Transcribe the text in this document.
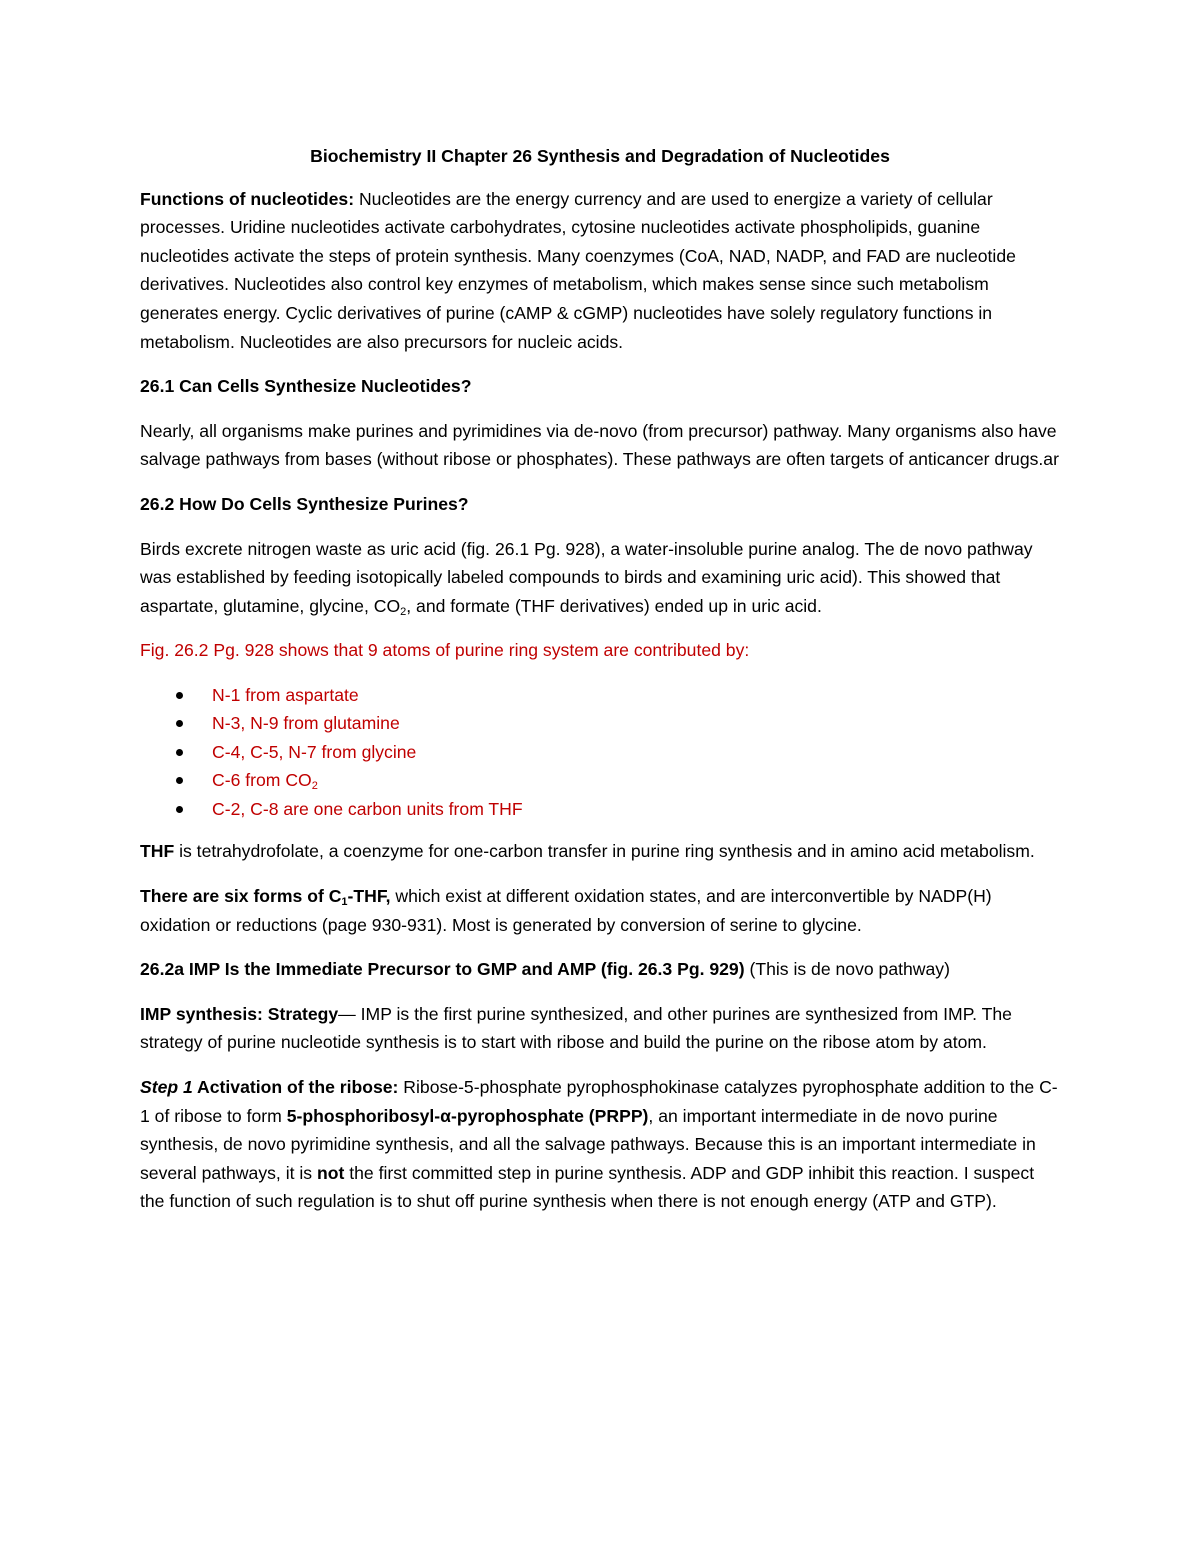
Biochemistry II Chapter 26 Synthesis and Degradation of Nucleotides

Functions of nucleotides: Nucleotides are the energy currency and are used to energize a variety of cellular processes. Uridine nucleotides activate carbohydrates, cytosine nucleotides activate phospholipids, guanine nucleotides activate the steps of protein synthesis. Many coenzymes (CoA, NAD, NADP, and FAD are nucleotide derivatives. Nucleotides also control key enzymes of metabolism, which makes sense since such metabolism generates energy. Cyclic derivatives of purine (cAMP & cGMP) nucleotides have solely regulatory functions in metabolism. Nucleotides are also precursors for nucleic acids.

26.1 Can Cells Synthesize Nucleotides?

Nearly, all organisms make purines and pyrimidines via de-novo (from precursor) pathway. Many organisms also have salvage pathways from bases (without ribose or phosphates). These pathways are often targets of anticancer drugs.ar

26.2 How Do Cells Synthesize Purines?

Birds excrete nitrogen waste as uric acid (fig. 26.1 Pg. 928), a water-insoluble purine analog. The de novo pathway was established by feeding isotopically labeled compounds to birds and examining uric acid). This showed that aspartate, glutamine, glycine, $CO_2$, and formate (THF derivatives) ended up in uric acid.

Fig. 26.2 Pg. 928 shows that 9 atoms of purine ring system are contributed by:

N-1 from aspartate
N-3, N-9 from glutamine
C-4, C-5, N-7 from glycine
C-6 from $CO_2$
C-2, C-8 are one carbon units from THF

THF is tetrahydrofolate, a coenzyme for one-carbon transfer in purine ring synthesis and in amino acid metabolism.

There are six forms of $C_1$-THF, which exist at different oxidation states, and are interconvertible by NADP(H) oxidation or reductions (page 930-931). Most is generated by conversion of serine to glycine.

26.2a IMP Is the Immediate Precursor to GMP and AMP (fig. 26.3 Pg. 929) (This is de novo pathway)

IMP synthesis: Strategy— IMP is the first purine synthesized, and other purines are synthesized from IMP. The strategy of purine nucleotide synthesis is to start with ribose and build the purine on the ribose atom by atom.

Step 1 Activation of the ribose: Ribose-5-phosphate pyrophosphokinase catalyzes pyrophosphate addition to the C-1 of ribose to form 5-phosphoribosyl-α-pyrophosphate (PRPP), an important intermediate in de novo purine synthesis, de novo pyrimidine synthesis, and all the salvage pathways. Because this is an important intermediate in several pathways, it is not the first committed step in purine synthesis. ADP and GDP inhibit this reaction. I suspect the function of such regulation is to shut off purine synthesis when there is not enough energy (ATP and GTP).
